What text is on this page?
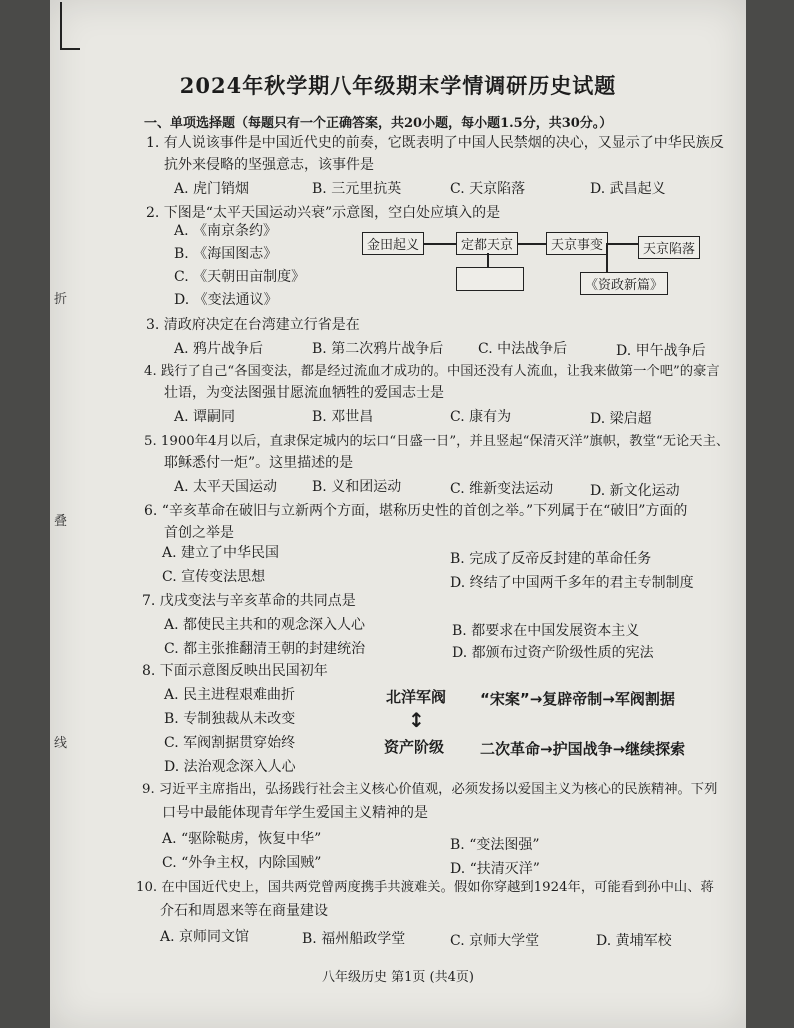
折
叠
线
2024年秋学期八年级期末学情调研历史试题
一、单项选择题（每题只有一个正确答案，共20小题，每小题1.5分，共30分。）
1. 有人说该事件是中国近代史的前奏，它既表明了中国人民禁烟的决心，又显示了中华民族反
抗外来侵略的坚强意志，该事件是
A. 虎门销烟	B. 三元里抗英	C. 天京陷落	D. 武昌起义
2. 下图是“太平天国运动兴衰”示意图，空白处应填入的是
A. 《南京条约》
B. 《海国图志》
C. 《天朝田亩制度》
D. 《变法通议》
金田起义	定都天京	天京事变	天京陷落
《资政新篇》
3. 清政府决定在台湾建立行省是在
A. 鸦片战争后	B. 第二次鸦片战争后 C. 中法战争后	D. 甲午战争后
4. 践行了自己“各国变法，都是经过流血才成功的。中国还没有人流血，让我来做第一个吧”的豪言
壮语，为变法图强甘愿流血牺牲的爱国志士是
A. 谭嗣同	B. 邓世昌	C. 康有为	D. 梁启超
5. 1900年4月以后，直隶保定城内的坛口“日盛一日”，并且竖起“保清灭洋”旗帜，教堂“无论天主、
耶稣悉付一炬”。这里描述的是
A. 太平天国运动 B. 义和团运动	C. 维新变法运动	D. 新文化运动
6. “辛亥革命在破旧与立新两个方面，堪称历史性的首创之举。”下列属于在“破旧”方面的
首创之举是
A. 建立了中华民国	B. 完成了反帝反封建的革命任务
C. 宣传变法思想	D. 终结了中国两千多年的君主专制制度
7. 戊戌变法与辛亥革命的共同点是
A. 都使民主共和的观念深入人心	B. 都要求在中国发展资本主义
C. 都主张推翻清王朝的封建统治	D. 都颁布过资产阶级性质的宪法
8. 下面示意图反映出民国初年
A. 民主进程艰难曲折
B. 专制独裁从未改变
C. 军阀割据贯穿始终
D. 法治观念深入人心
北洋军阀
↕
资产阶级
“宋案”→复辟帝制→军阀割据
二次革命→护国战争→继续探索
9. 习近平主席指出，弘扬践行社会主义核心价值观，必须发扬以爱国主义为核心的民族精神。下列
口号中最能体现青年学生爱国主义精神的是
A. “驱除鞑虏，恢复中华”	B. “变法图强”
C. “外争主权，内除国贼”	D. “扶清灭洋”
10. 在中国近代史上，国共两党曾两度携手共渡难关。假如你穿越到1924年，可能看到孙中山、蒋
介石和周恩来等在商量建设
A. 京师同文馆	B. 福州船政学堂	C. 京师大学堂	D. 黄埔军校
八年级历史 第1页 (共4页)
